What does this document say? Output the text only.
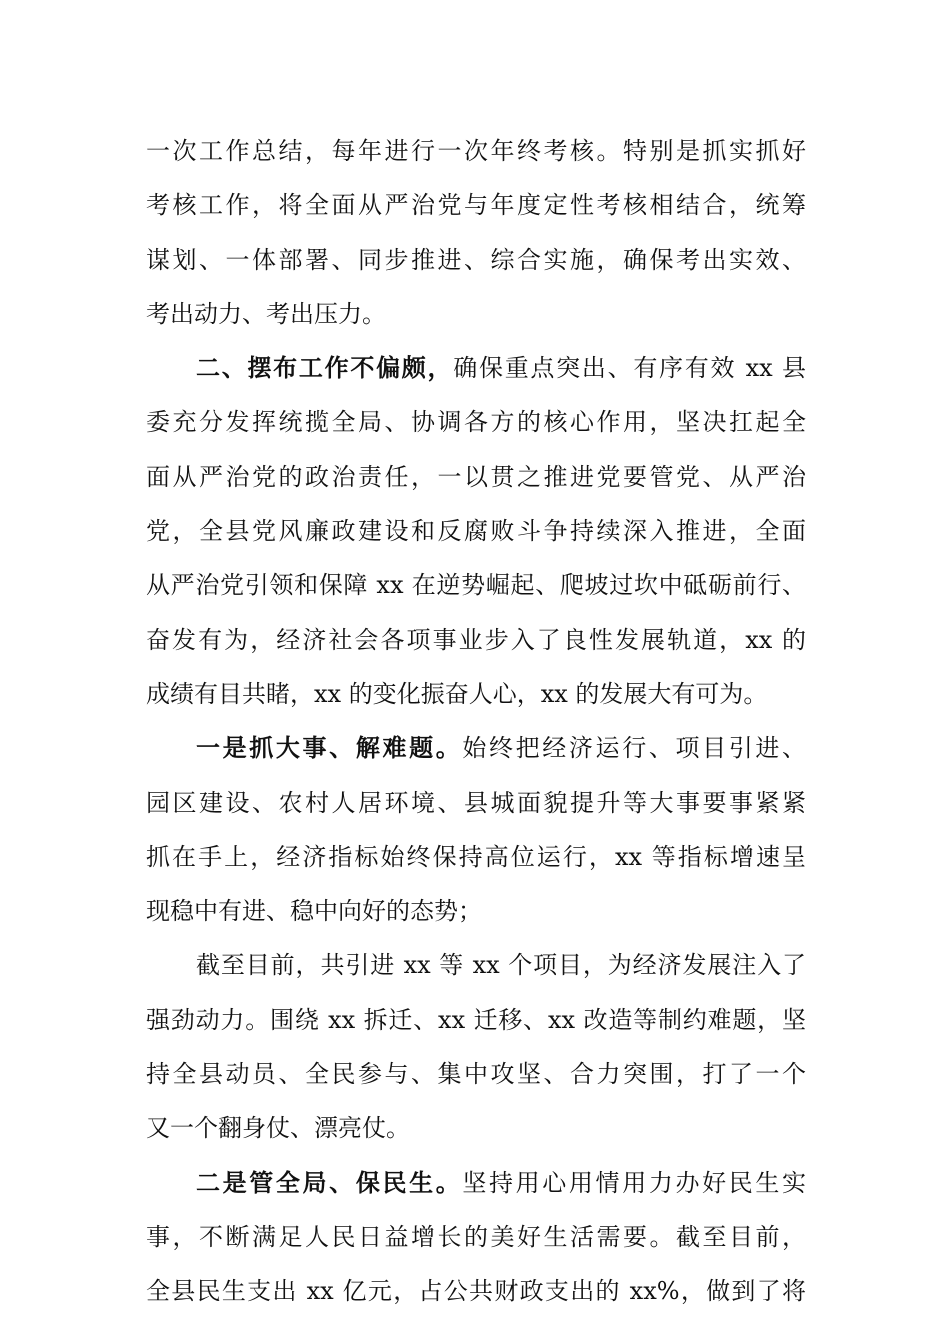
一次工作总结，每年进行一次年终考核。特别是抓实抓好
考核工作，将全面从严治党与年度定性考核相结合，统筹
谋划、一体部署、同步推进、综合实施，确保考出实效、
考出动力、考出压力。
二、摆布工作不偏颇，确保重点突出、有序有效 xx 县
委充分发挥统揽全局、协调各方的核心作用，坚决扛起全
面从严治党的政治责任，一以贯之推进党要管党、从严治
党，全县党风廉政建设和反腐败斗争持续深入推进，全面
从严治党引领和保障 xx 在逆势崛起、爬坡过坎中砥砺前行、
奋发有为，经济社会各项事业步入了良性发展轨道，xx 的
成绩有目共睹，xx 的变化振奋人心，xx 的发展大有可为。
一是抓大事、解难题。始终把经济运行、项目引进、
园区建设、农村人居环境、县城面貌提升等大事要事紧紧
抓在手上，经济指标始终保持高位运行，xx 等指标增速呈
现稳中有进、稳中向好的态势；
截至目前，共引进 xx 等 xx 个项目，为经济发展注入了
强劲动力。围绕 xx 拆迁、xx 迁移、xx 改造等制约难题，坚
持全县动员、全民参与、集中攻坚、合力突围，打了一个
又一个翻身仗、漂亮仗。
二是管全局、保民生。坚持用心用情用力办好民生实
事，不断满足人民日益增长的美好生活需要。截至目前，
全县民生支出 xx 亿元，占公共财政支出的 xx%，做到了将
